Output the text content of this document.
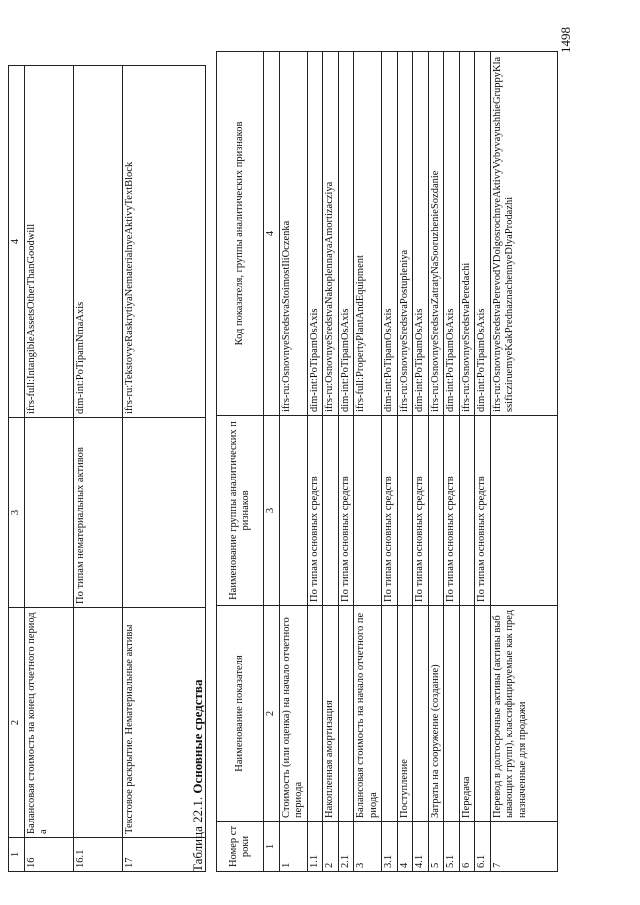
1	2	3	4
16	Балансовая стоимость на конец отчетного периода		ifrs-full:IntangibleAssetsOtherThanGoodwill
16.1		По типам нематериальных активов	dim-int:PoTipamNmaAxis
17	Текстовое раскрытие. Нематериальные активы		ifrs-ru:TekstovyeRaskrytiyaNematerialnyeAktivyTextBlock
Таблица 22.1. Основные средства
Номер строки	Наименование показателя	Наименование группы аналитических признаков	Код показателя, группы аналитических признаков
1	2	3	4
1	Стоимость (или оценка) на начало отчетного периода		ifrs-ru:OsnovnyeSredstvaStoimostIliOczenka
1.1		По типам основных средств	dim-int:PoTipamOsAxis
2	Накопленная амортизация		ifrs-ru:OsnovnyeSredstvaNakoplennayaAmortizacziya
2.1		По типам основных средств	dim-int:PoTipamOsAxis
3	Балансовая стоимость на начало отчетного периода		ifrs-full:PropertyPlantAndEquipment
3.1		По типам основных средств	dim-int:PoTipamOsAxis
4	Поступление		ifrs-ru:OsnovnyeSredstvaPostupleniya
4.1		По типам основных средств	dim-int:PoTipamOsAxis
5	Затраты на сооружение (создание)		ifrs-ru:OsnovnyeSredstvaZatratyNaSooruzhenieSozdanie
5.1		По типам основных средств	dim-int:PoTipamOsAxis
6	Передача		ifrs-ru:OsnovnyeSredstvaPeredachi
6.1		По типам основных средств	dim-int:PoTipamOsAxis
7	Перевод в долгосрочные активы (активы выбывающих групп), классифицируемые как предназначенные для продажи		ifrs-ru:OsnovnyeSredstvaPerevodVDolgosrochnyeAktivyVybyvayushhieGruppyKlassificziruemyeKakPrednaznachennyeDlyaProdazhi
1498
